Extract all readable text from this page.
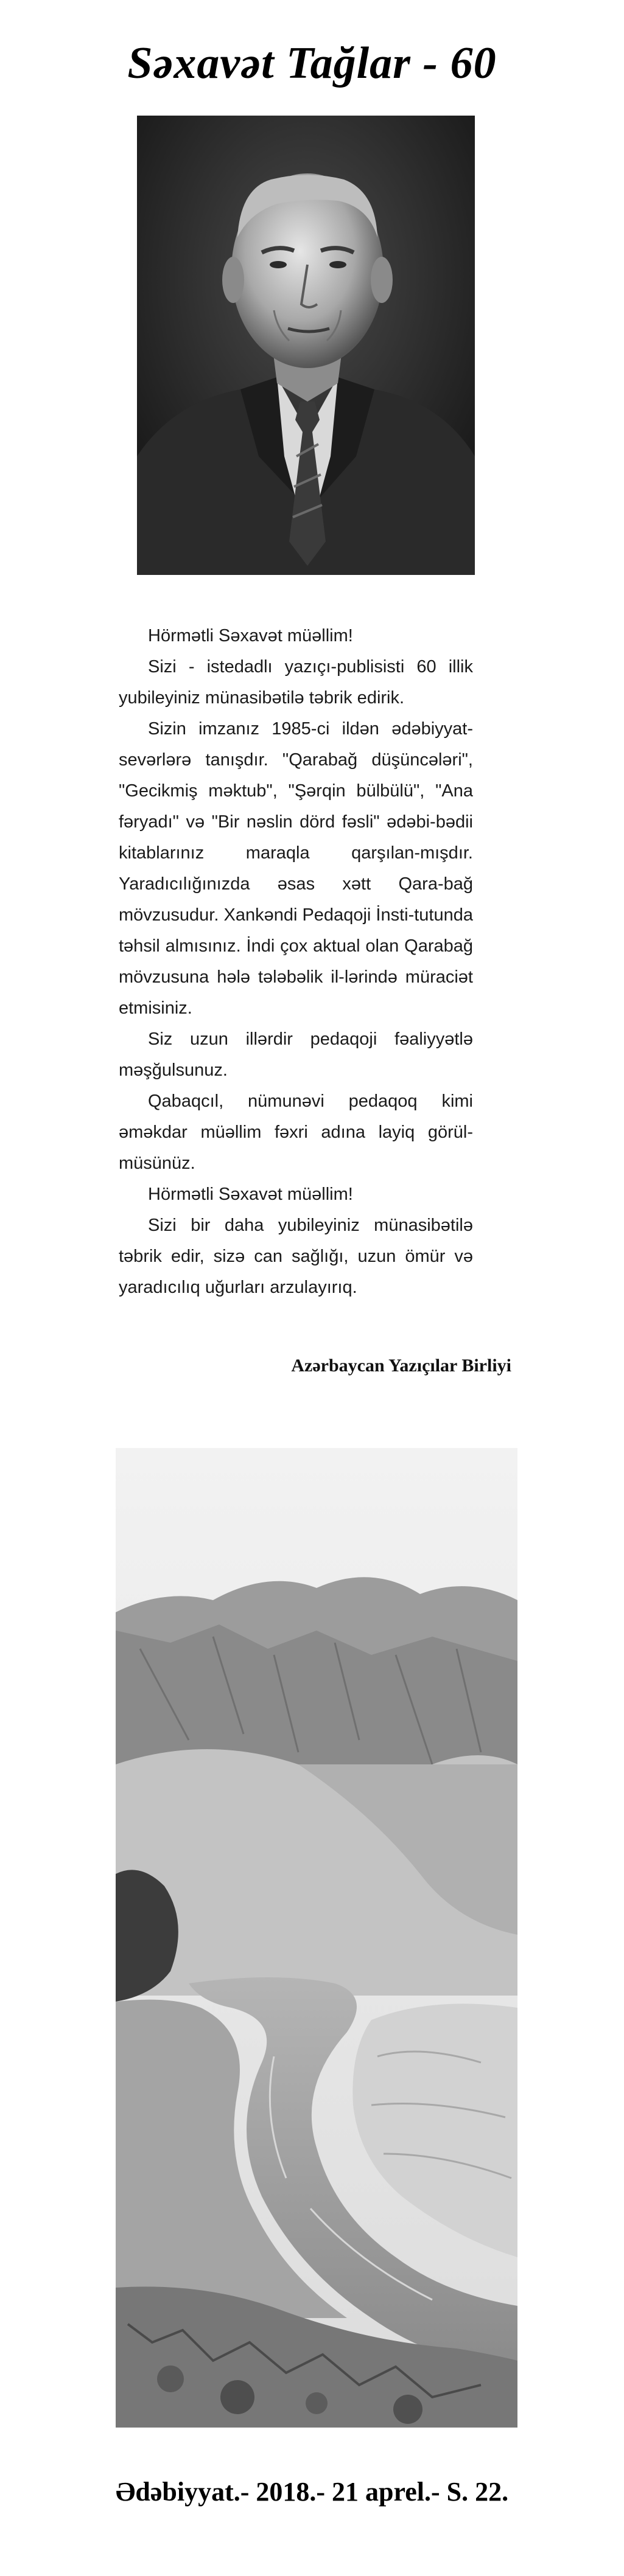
Səxavət Tağlar - 60

Hörmətli Səxavət müəllim!

Sizi - istedadlı yazıçı-publisisti 60 illik yubileyiniz münasibətilə təbrik edirik.

Sizin imzanız 1985-ci ildən ədəbiyyat-sevərlərə tanışdır. "Qarabağ düşüncələri", "Gecikmiş məktub", "Şərqin bülbülü", "Ana fəryadı" və "Bir nəslin dörd fəsli" ədəbi-bədii kitablarınız maraqla qarşılan-mışdır. Yaradıcılığınızda əsas xətt Qara-bağ mövzusudur. Xankəndi Pedaqoji İnsti-tutunda təhsil almısınız. İndi çox aktual olan Qarabağ mövzusuna hələ tələbəlik il-lərində müraciət etmisiniz.

Siz uzun illərdir pedaqoji fəaliyyətlə məşğulsunuz.

Qabaqcıl, nümunəvi pedaqoq kimi əməkdar müəllim fəxri adına layiq görül-müsünüz.

Hörmətli Səxavət müəllim!

Sizi bir daha yubileyiniz münasibətilə təbrik edir, sizə can sağlığı, uzun ömür və yaradıcılıq uğurları arzulayırıq.

Azərbaycan Yazıçılar Birliyi
Ədəbiyyat.- 2018.- 21 aprel.- S. 22.
